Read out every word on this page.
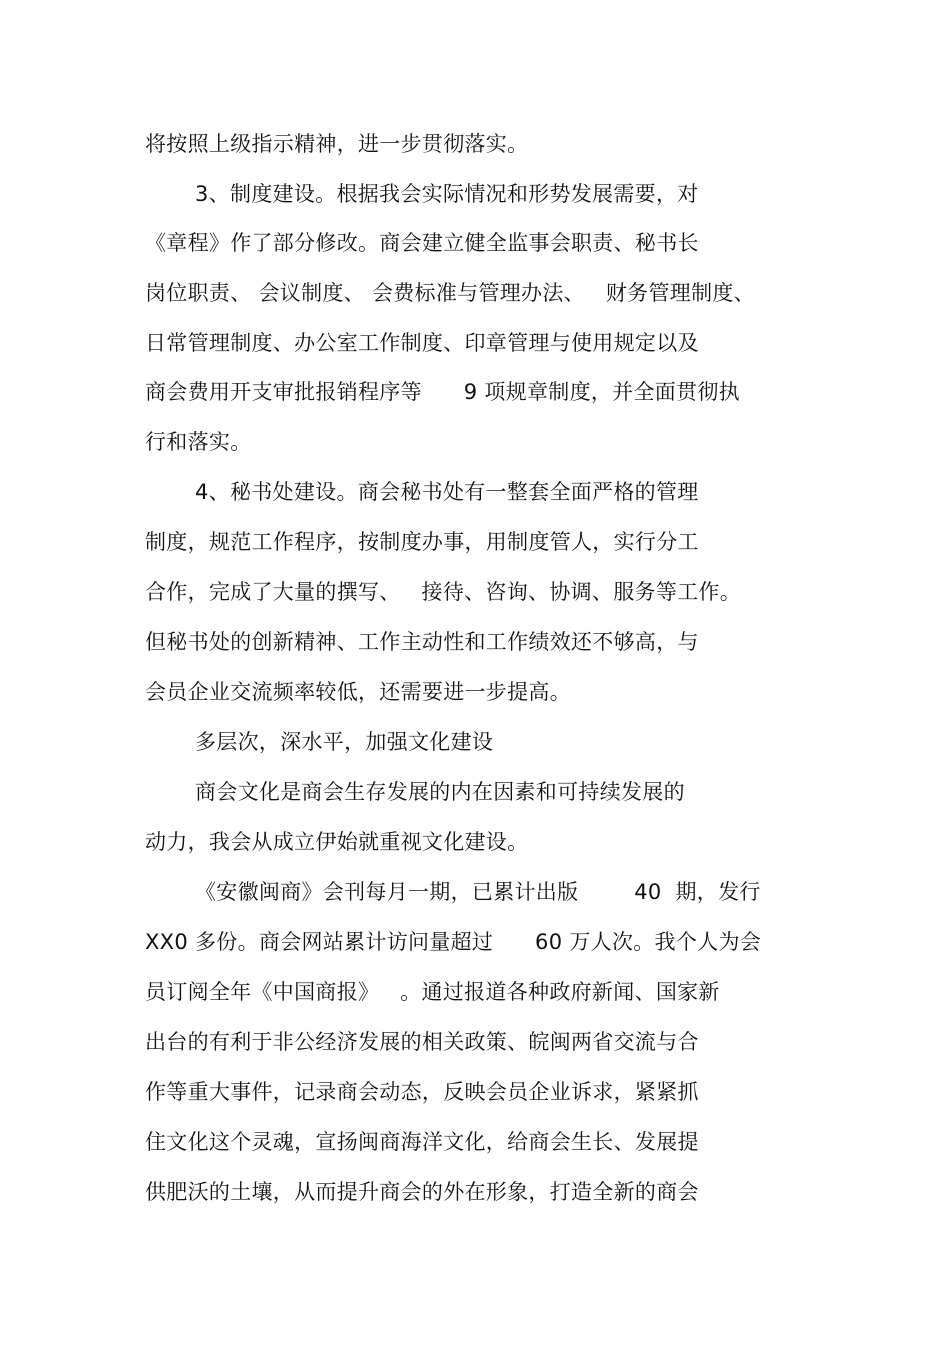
将按照上级指示精神，进一步贯彻落实。
3、制度建设。根据我会实际情况和形势发展需要，对
《章程》作了部分修改。商会建立健全监事会职责、秘书长
岗位职责、 会议制度、 会费标准与管理办法、   财务管理制度、
日常管理制度、办公室工作制度、印章管理与使用规定以及
商会费用开支审批报销程序等      9 项规章制度，并全面贯彻执
行和落实。
4、秘书处建设。商会秘书处有一整套全面严格的管理
制度，规范工作程序，按制度办事，用制度管人，实行分工
合作，完成了大量的撰写、   接待、咨询、协调、服务等工作。
但秘书处的创新精神、工作主动性和工作绩效还不够高，与
会员企业交流频率较低，还需要进一步提高。
多层次，深水平，加强文化建设
商会文化是商会生存发展的内在因素和可持续发展的
动力，我会从成立伊始就重视文化建设。
《安徽闽商》会刊每月一期，已累计出版        40  期，发行
XX0 多份。商会网站累计访问量超过      60 万人次。我个人为会
员订阅全年《中国商报》   。通过报道各种政府新闻、国家新
出台的有利于非公经济发展的相关政策、皖闽两省交流与合
作等重大事件，记录商会动态，反映会员企业诉求，紧紧抓
住文化这个灵魂，宣扬闽商海洋文化，给商会生长、发展提
供肥沃的土壤，从而提升商会的外在形象，打造全新的商会
